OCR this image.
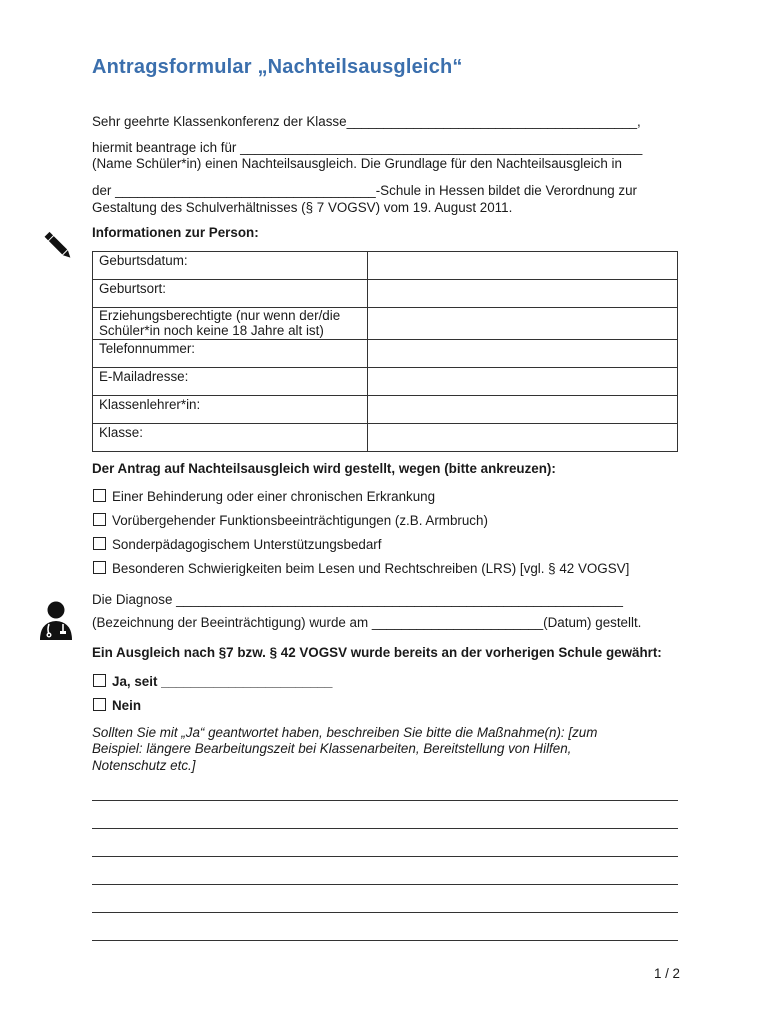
Antragsformular „Nachteilsausgleich“
Sehr geehrte Klassenkonferenz der Klasse_______________________________________,
hiermit beantrage ich für ______________________________________________________
(Name Schüler*in) einen Nachteilsausgleich. Die Grundlage für den Nachteilsausgleich in
der ___________________________________-Schule in Hessen bildet die Verordnung zur
Gestaltung des Schulverhältnisses (§ 7 VOGSV) vom 19. August 2011.
Informationen zur Person:
Geburtsdatum:	
Geburtsort:	
Erziehungsberechtigte (nur wenn der/die Schüler*in noch keine 18 Jahre alt ist)	
Telefonnummer:	
E-Mailadresse:	
Klassenlehrer*in:	
Klasse:	
Der Antrag auf Nachteilsausgleich wird gestellt, wegen (bitte ankreuzen):
Einer Behinderung oder einer chronischen Erkrankung
Vorübergehender Funktionsbeeinträchtigungen (z.B. Armbruch)
Sonderpädagogischem Unterstützungsbedarf
Besonderen Schwierigkeiten beim Lesen und Rechtschreiben (LRS) [vgl. § 42 VOGSV]
Die Diagnose ____________________________________________________________
(Bezeichnung der Beeinträchtigung) wurde am _______________________(Datum) gestellt.
Ein Ausgleich nach §7 bzw. § 42 VOGSV wurde bereits an der vorherigen Schule gewährt:
Ja, seit _______________________
Nein
Sollten Sie mit „Ja“ geantwortet haben, beschreiben Sie bitte die Maßnahme(n): [zum
Beispiel: längere Bearbeitungszeit bei Klassenarbeiten, Bereitstellung von Hilfen,
Notenschutz etc.]
1 / 2
